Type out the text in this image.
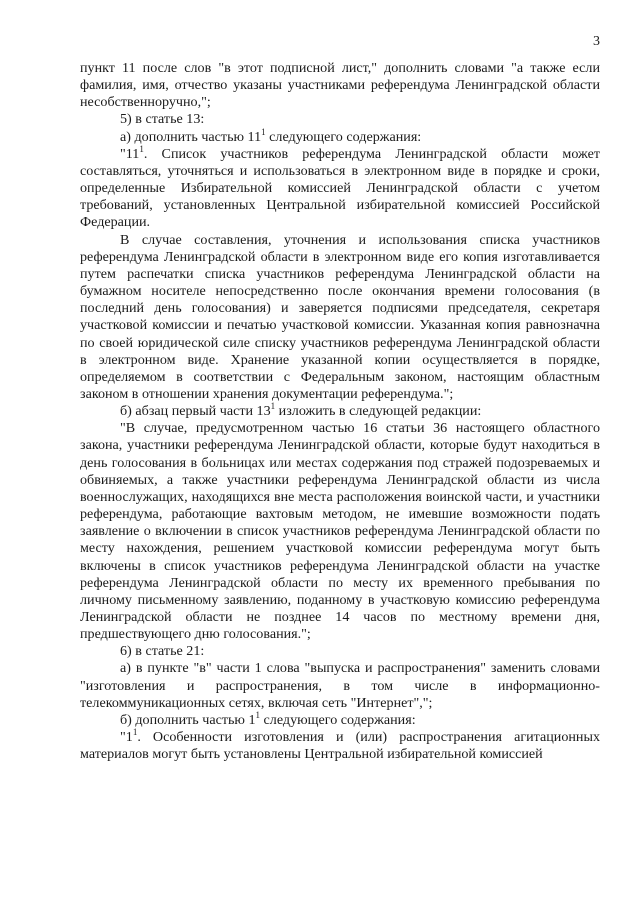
3

пункт 11 после слов "в этот подписной лист," дополнить словами "а также если фамилия, имя, отчество указаны участниками референдума Ленинградской области несобственноручно,";

5) в статье 13:

а) дополнить частью $11^1$ следующего содержания:

"$11^1$. Список участников референдума Ленинградской области может составляться, уточняться и использоваться в электронном виде в порядке и сроки, определенные Избирательной комиссией Ленинградской области с учетом требований, установленных Центральной избирательной комиссией Российской Федерации.

В случае составления, уточнения и использования списка участников референдума Ленинградской области в электронном виде его копия изготавливается путем распечатки списка участников референдума Ленинградской области на бумажном носителе непосредственно после окончания времени голосования (в последний день голосования) и заверяется подписями председателя, секретаря участковой комиссии и печатью участковой комиссии. Указанная копия равнозначна по своей юридической силе списку участников референдума Ленинградской области в электронном виде. Хранение указанной копии осуществляется в порядке, определяемом в соответствии с Федеральным законом, настоящим областным законом в отношении хранения документации референдума.";

б) абзац первый части $13^1$ изложить в следующей редакции:

"В случае, предусмотренном частью 16 статьи 36 настоящего областного закона, участники референдума Ленинградской области, которые будут находиться в день голосования в больницах или местах содержания под стражей подозреваемых и обвиняемых, а также участники референдума Ленинградской области из числа военнослужащих, находящихся вне места расположения воинской части, и участники референдума, работающие вахтовым методом, не имевшие возможности подать заявление о включении в список участников референдума Ленинградской области по месту нахождения, решением участковой комиссии референдума могут быть включены в список участников референдума Ленинградской области на участке референдума Ленинградской области по месту их временного пребывания по личному письменному заявлению, поданному в участковую комиссию референдума Ленинградской области не позднее 14 часов по местному времени дня, предшествующего дню голосования.";

6) в статье 21:

а) в пункте "в" части 1 слова "выпуска и распространения" заменить словами "изготовления и распространения, в том числе в информационно-телекоммуникационных сетях, включая сеть "Интернет",";

б) дополнить частью $1^1$ следующего содержания:

"$1^1$. Особенности изготовления и (или) распространения агитационных материалов могут быть установлены Центральной избирательной комиссией
